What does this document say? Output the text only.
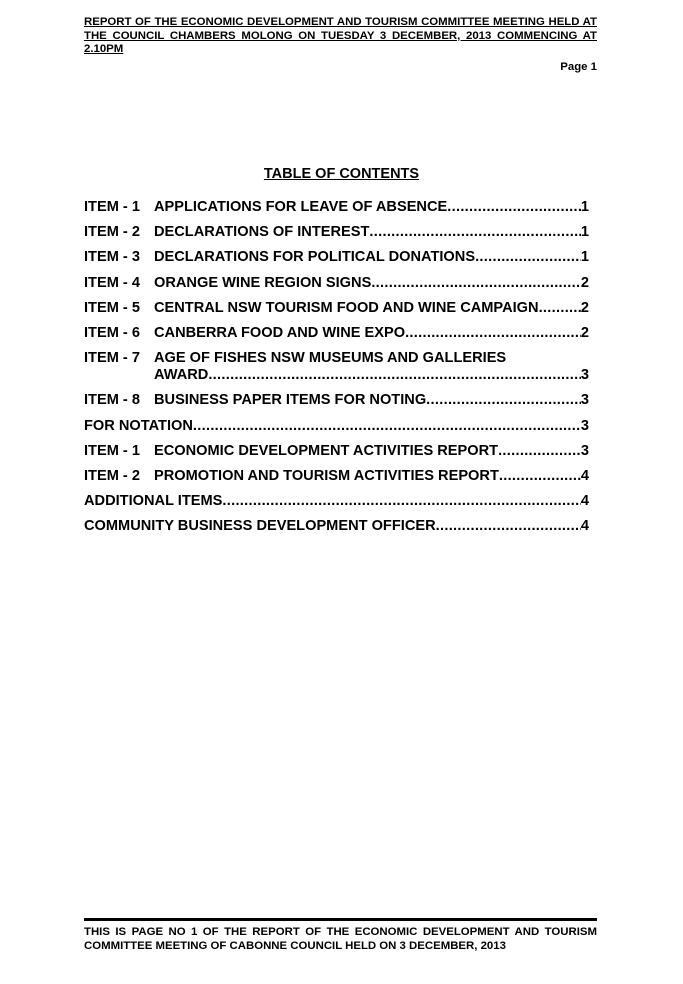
REPORT OF THE ECONOMIC DEVELOPMENT AND TOURISM COMMITTEE MEETING HELD AT THE COUNCIL CHAMBERS MOLONG ON TUESDAY 3 DECEMBER, 2013 COMMENCING AT 2.10PM
Page 1
TABLE OF CONTENTS
ITEM - 1 APPLICATIONS FOR LEAVE OF ABSENCE .....	1
ITEM - 2 DECLARATIONS OF INTEREST .....	1
ITEM - 3 DECLARATIONS FOR POLITICAL DONATIONS .....	1
ITEM - 4 ORANGE WINE REGION SIGNS .....	2
ITEM - 5 CENTRAL NSW TOURISM FOOD AND WINE CAMPAIGN .....	2
ITEM - 6 CANBERRA FOOD AND WINE EXPO .....	2
ITEM - 7 AGE OF FISHES NSW MUSEUMS AND GALLERIES
AWARD .....	3
ITEM - 8 BUSINESS PAPER ITEMS FOR NOTING .....	3
FOR NOTATION .....	3
ITEM - 1 ECONOMIC DEVELOPMENT ACTIVITIES REPORT .....	3
ITEM - 2 PROMOTION AND TOURISM ACTIVITIES REPORT .....	4
ADDITIONAL ITEMS .....	4
COMMUNITY BUSINESS DEVELOPMENT OFFICER .....	4
THIS IS PAGE NO 1 OF THE REPORT OF THE ECONOMIC DEVELOPMENT AND TOURISM COMMITTEE MEETING OF CABONNE COUNCIL HELD ON 3 DECEMBER, 2013
